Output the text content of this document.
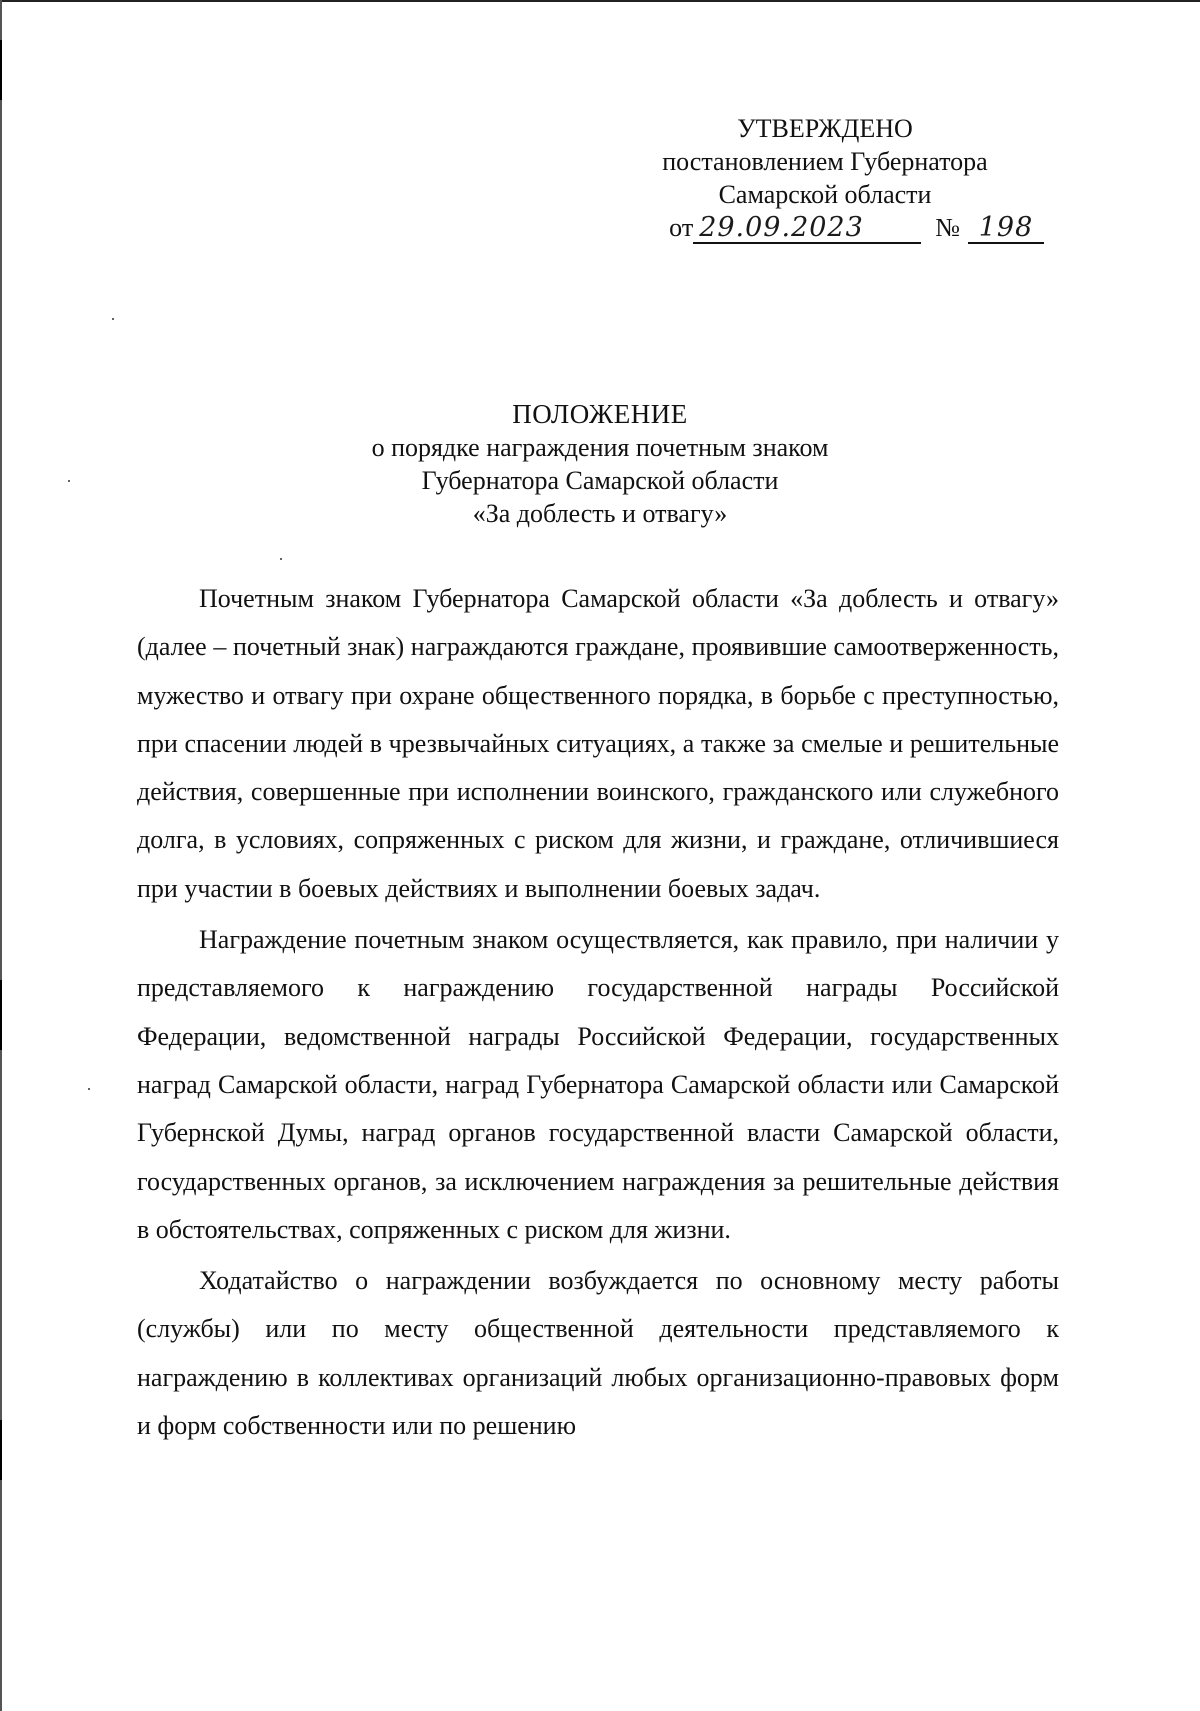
УТВЕРЖДЕНО
постановлением Губернатора
Самарской области
от 29.09.2023	№ 198
ПОЛОЖЕНИЕ
о порядке награждения почетным знаком
Губернатора Самарской области
«За доблесть и отвагу»

Почетным знаком Губернатора Самарской области «За доблесть и отвагу» (далее – почетный знак) награждаются граждане, проявившие самоотверженность, мужество и отвагу при охране общественного порядка, в борьбе с преступностью, при спасении людей в чрезвычайных ситуациях, а также за смелые и решительные действия, совершенные при исполнении воинского, гражданского или служебного долга, в условиях, сопряженных с риском для жизни, и граждане, отличившиеся при участии в боевых действиях и выполнении боевых задач.

Награждение почетным знаком осуществляется, как правило, при наличии у представляемого к награждению государственной награды Российской Федерации, ведомственной награды Российской Федерации, государственных наград Самарской области, наград Губернатора Самарской области или Самарской Губернской Думы, наград органов государственной власти Самарской области, государственных органов, за исключением награждения за решительные действия в обстоятельствах, сопряженных с риском для жизни.

Ходатайство о награждении возбуждается по основному месту работы (службы) или по месту общественной деятельности представляемого к награждению в коллективах организаций любых организационно-правовых форм и форм собственности или по решению
